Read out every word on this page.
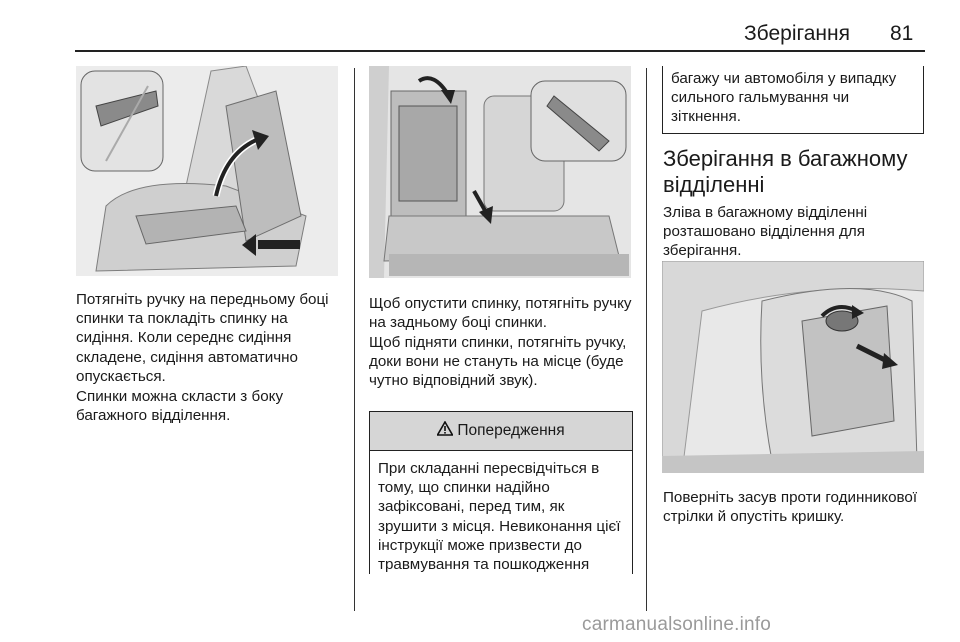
Зберігання 81

Потягніть ручку на передньому боці спинки та покладіть спинку на сидіння. Коли середнє сидіння складене, сидіння автоматично опускається.

Спинки можна скласти з боку багажного відділення.

Щоб опустити спинку, потягніть ручку на задньому боці спинки.

Щоб підняти спинки, потягніть ручку, доки вони не стануть на місце (буде чутно відповідний звук).

Попередження
При складанні пересвідчіться в тому, що спинки надійно зафіксовані, перед тим, як зрушити з місця. Невиконання цієї інструкції може призвести до травмування та пошкодження
багажу чи автомобіля у випадку сильного гальмування чи зіткнення.
Зберігання в багажному відділенні

Зліва в багажному відділенні розташовано відділення для зберігання.

Поверніть засув проти годинникової стрілки й опустіть кришку.

carmanualsonline.info
